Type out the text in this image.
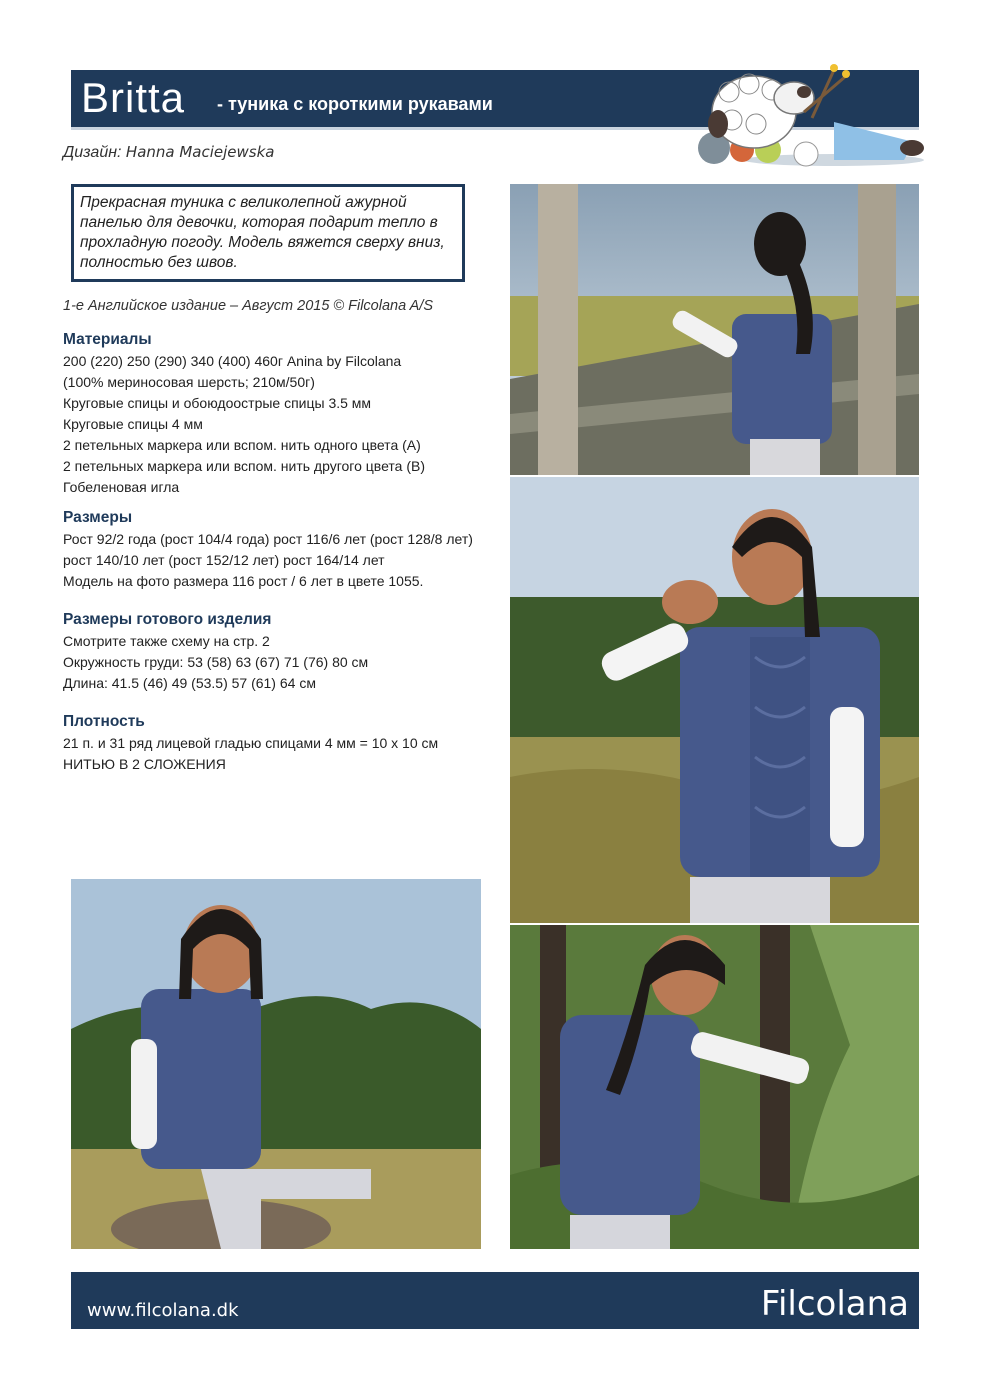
Britta - туника с короткими рукавами
Дизайн: Hanna Maciejewska
Прекрасная туника с великолепной ажурной панелью для девочки, которая подарит тепло в прохладную погоду. Модель вяжется сверху вниз, полностью без швов.
1-е Английское издание – Август 2015 © Filcolana A/S
Материалы
200 (220) 250 (290) 340 (400) 460г Anina by Filcolana
(100% мериносовая шерсть; 210м/50г)
Круговые спицы и обоюдоострые спицы 3.5 мм
Круговые спицы 4 мм
2 петельных маркера или вспом. нить одного цвета (A)
2 петельных маркера или вспом. нить другого цвета (B)
Гобеленовая игла
Размеры
Рост 92/2 года (рост 104/4 года) рост 116/6 лет (рост 128/8 лет)
рост 140/10 лет (рост 152/12 лет) рост 164/14 лет
Модель на фото размера 116 рост / 6 лет в цвете 1055.
Размеры готового изделия
Смотрите также схему на стр. 2
Окружность груди: 53 (58) 63 (67) 71 (76) 80 см
Длина: 41.5 (46) 49 (53.5) 57 (61) 64 см
Плотность
21 п. и 31 ряд лицевой гладью спицами 4 мм = 10 x 10 см
НИТЬЮ В 2 СЛОЖЕНИЯ
www.filcolana.dk	Filcolana
